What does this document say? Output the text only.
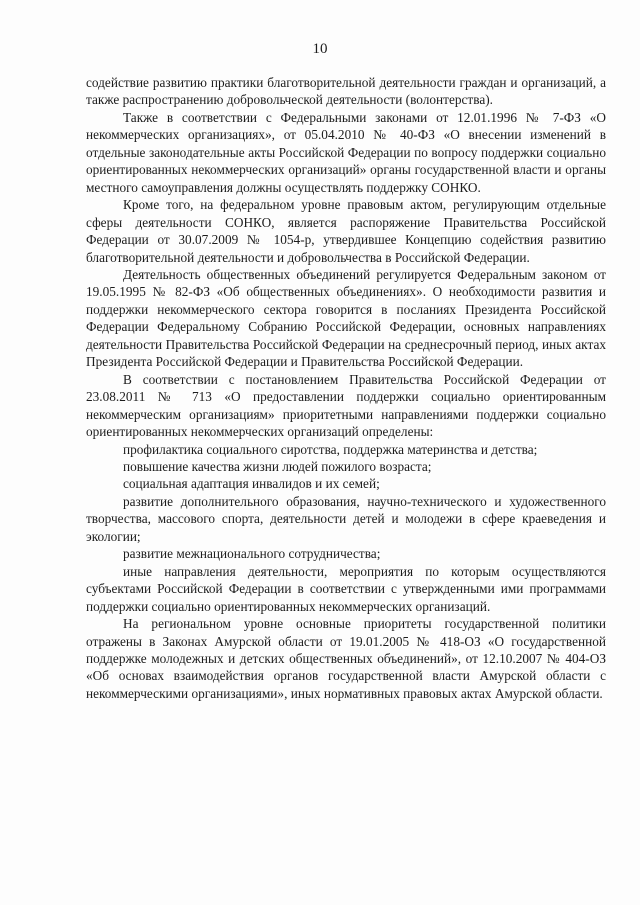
10

содействие развитию практики благотворительной деятельности граждан и организаций, а также распространению добровольческой деятельности (волонтерства).

Также в соответствии с Федеральными законами от 12.01.1996 № 7-ФЗ «О некоммерческих организациях», от 05.04.2010 № 40-ФЗ «О внесении изменений в отдельные законодательные акты Российской Федерации по вопросу поддержки социально ориентированных некоммерческих организаций» органы государственной власти и органы местного самоуправления должны осуществлять поддержку СОНКО.

Кроме того, на федеральном уровне правовым актом, регулирующим отдельные сферы деятельности СОНКО, является распоряжение Правительства Российской Федерации от 30.07.2009 № 1054-р, утвердившее Концепцию содействия развитию благотворительной деятельности и добровольчества в Российской Федерации.

Деятельность общественных объединений регулируется Федеральным законом от 19.05.1995 № 82-ФЗ «Об общественных объединениях». О необходимости развития и поддержки некоммерческого сектора говорится в посланиях Президента Российской Федерации Федеральному Собранию Российской Федерации, основных направлениях деятельности Правительства Российской Федерации на среднесрочный период, иных актах Президента Российской Федерации и Правительства Российской Федерации.

В соответствии с постановлением Правительства Российской Федерации от 23.08.2011 № 713 «О предоставлении поддержки социально ориентированным некоммерческим организациям» приоритетными направлениями поддержки социально ориентированных некоммерческих организаций определены:

профилактика социального сиротства, поддержка материнства и детства;

повышение качества жизни людей пожилого возраста;

социальная адаптация инвалидов и их семей;

развитие дополнительного образования, научно-технического и художественного творчества, массового спорта, деятельности детей и молодежи в сфере краеведения и экологии;

развитие межнационального сотрудничества;

иные направления деятельности, мероприятия по которым осуществляются субъектами Российской Федерации в соответствии с утвержденными ими программами поддержки социально ориентированных некоммерческих организаций.

На региональном уровне основные приоритеты государственной политики отражены в Законах Амурской области от 19.01.2005 № 418-ОЗ «О государственной поддержке молодежных и детских общественных объединений», от 12.10.2007 № 404-ОЗ «Об основах взаимодействия органов государственной власти Амурской области с некоммерческими организациями», иных нормативных правовых актах Амурской области.
